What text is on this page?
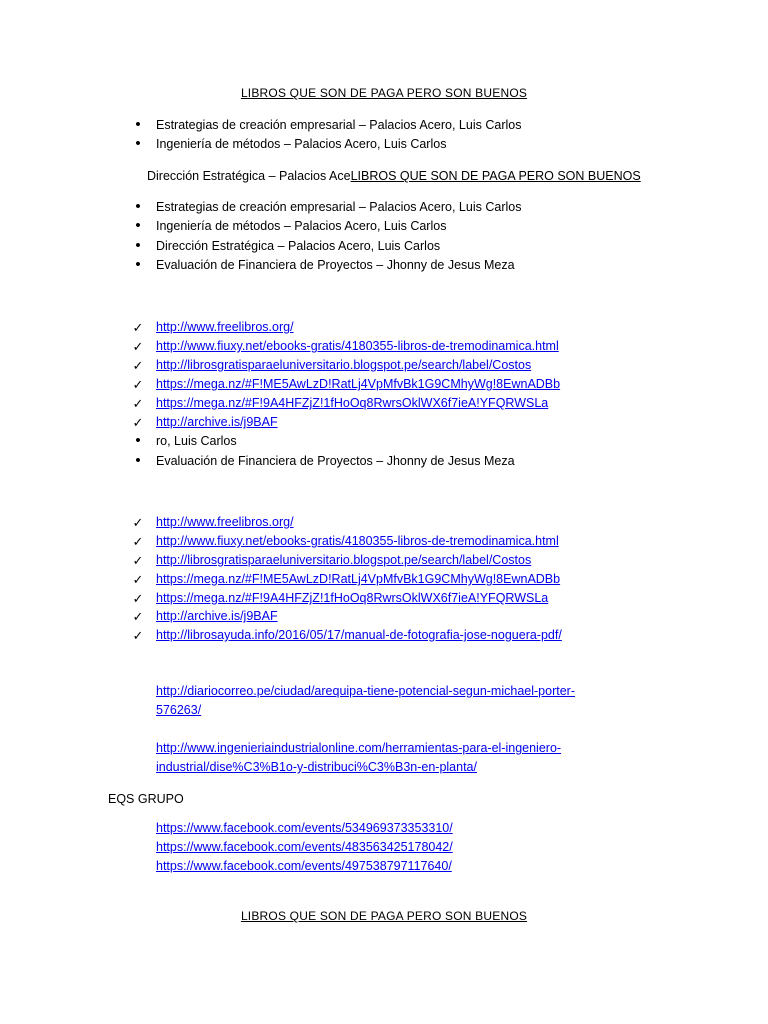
LIBROS QUE SON DE PAGA PERO SON BUENOS
•	Estrategias de creación empresarial – Palacios Acero, Luis Carlos
•	Ingeniería de métodos – Palacios Acero, Luis Carlos
Dirección Estratégica – Palacios AceLIBROS QUE SON DE PAGA PERO SON BUENOS
•	Estrategias de creación empresarial – Palacios Acero, Luis Carlos
•	Ingeniería de métodos – Palacios Acero, Luis Carlos
•	Dirección Estratégica – Palacios Acero, Luis Carlos
•	Evaluación de Financiera de Proyectos – Jhonny de Jesus Meza
✓ http://www.freelibros.org/
✓ http://www.fiuxy.net/ebooks-gratis/4180355-libros-de-tremodinamica.html
✓ http://librosgratisparaeluniversitario.blogspot.pe/search/label/Costos
✓ https://mega.nz/#F!ME5AwLzD!RatLj4VpMfvBk1G9CMhyWg!8EwnADBb
✓ https://mega.nz/#F!9A4HFZjZ!1fHoOq8RwrsOklWX6f7ieA!YFQRWSLa
✓ http://archive.is/j9BAF
•	ro, Luis Carlos
•	Evaluación de Financiera de Proyectos – Jhonny de Jesus Meza
✓ http://www.freelibros.org/
✓ http://www.fiuxy.net/ebooks-gratis/4180355-libros-de-tremodinamica.html
✓ http://librosgratisparaeluniversitario.blogspot.pe/search/label/Costos
✓ https://mega.nz/#F!ME5AwLzD!RatLj4VpMfvBk1G9CMhyWg!8EwnADBb
✓ https://mega.nz/#F!9A4HFZjZ!1fHoOq8RwrsOklWX6f7ieA!YFQRWSLa
✓ http://archive.is/j9BAF
✓ http://librosayuda.info/2016/05/17/manual-de-fotografia-jose-noguera-pdf/
http://diariocorreo.pe/ciudad/arequipa-tiene-potencial-segun-michael-porter-
576263/
http://www.ingenieriaindustrialonline.com/herramientas-para-el-ingeniero-
industrial/dise%C3%B1o-y-distribuci%C3%B3n-en-planta/
EQS GRUPO
https://www.facebook.com/events/534969373353310/
https://www.facebook.com/events/483563425178042/
https://www.facebook.com/events/497538797117640/
LIBROS QUE SON DE PAGA PERO SON BUENOS
